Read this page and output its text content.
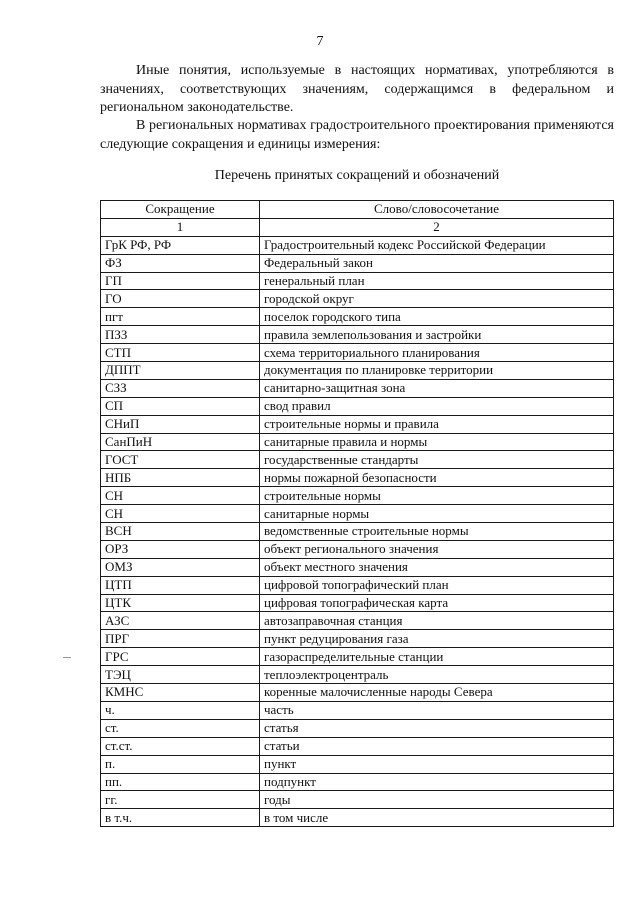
7

Иные понятия, используемые в настоящих нормативах, употребляются в значениях, соответствующих значениям, содержащимся в федеральном и региональном законодательстве.

В региональных нормативах градостроительного проектирования применяются следующие сокращения и единицы измерения:

Перечень принятых сокращений и обозначений
Сокращение	Слово/словосочетание
1	2
ГрК РФ, РФ	Градостроительный кодекс Российской Федерации
ФЗ	Федеральный закон
ГП	генеральный план
ГО	городской округ
пгт	поселок городского типа
ПЗЗ	правила землепользования и застройки
СТП	схема территориального планирования
ДППТ	документация по планировке территории
СЗЗ	санитарно-защитная зона
СП	свод правил
СНиП	строительные нормы и правила
СанПиН	санитарные правила и нормы
ГОСТ	государственные стандарты
НПБ	нормы пожарной безопасности
СН	строительные нормы
СН	санитарные нормы
ВСН	ведомственные строительные нормы
ОРЗ	объект регионального значения
ОМЗ	объект местного значения
ЦТП	цифровой топографический план
ЦТК	цифровая топографическая карта
АЗС	автозаправочная станция
ПРГ	пункт редуцирования газа
ГРС	газораспределительные станции
ТЭЦ	теплоэлектроцентраль
КМНС	коренные малочисленные народы Севера
ч.	часть
ст.	статья
ст.ст.	статьи
п.	пункт
пп.	подпункт
гг.	годы
в т.ч.	в том числе
